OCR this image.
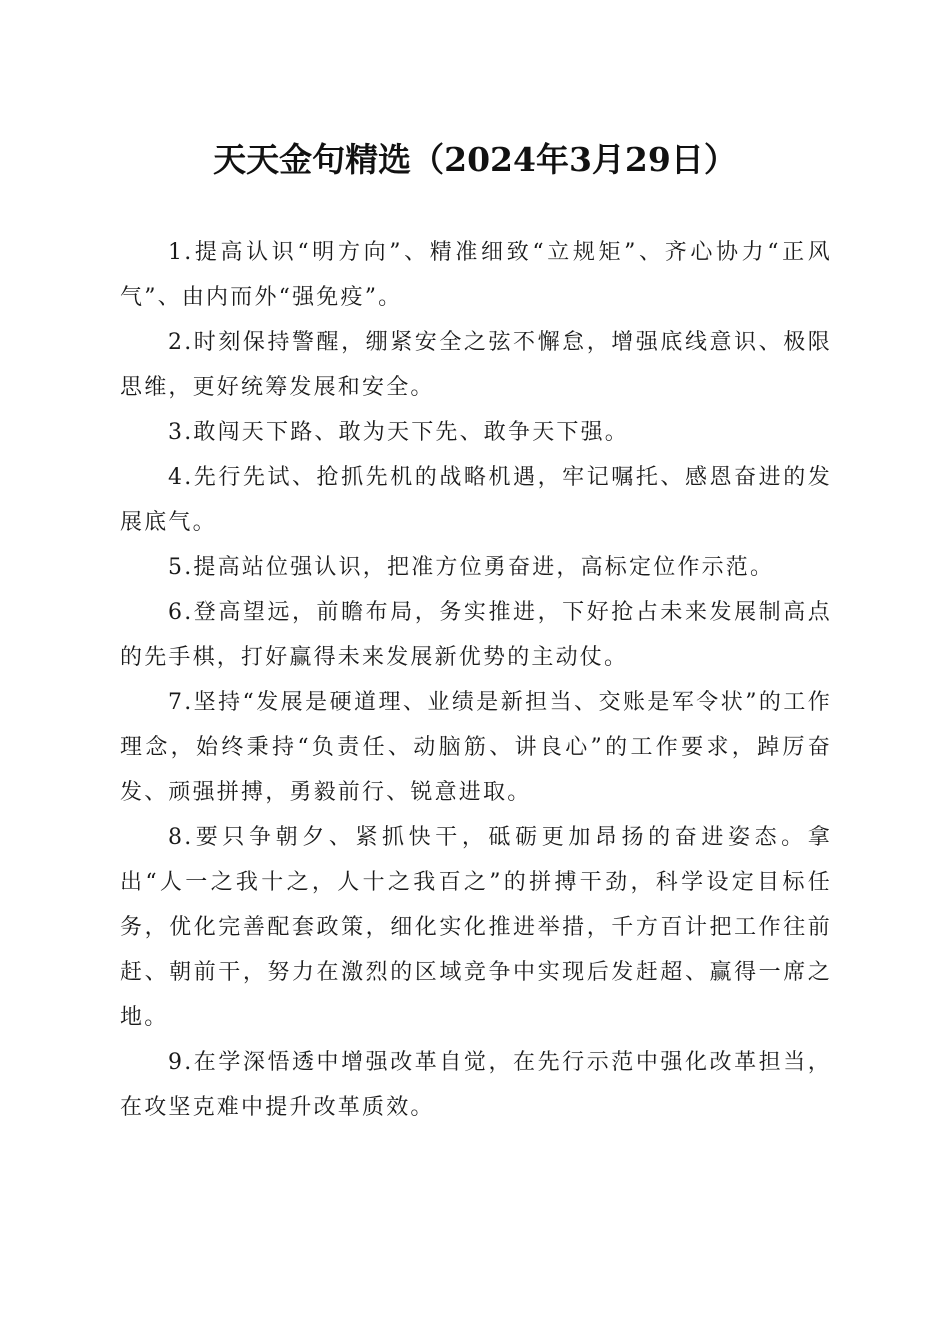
天天金句精选（2024年3月29日）

1.提高认识“明方向”、精准细致“立规矩”、齐心协力“正风气”、由内而外“强免疫”。

2.时刻保持警醒，绷紧安全之弦不懈怠，增强底线意识、极限思维，更好统筹发展和安全。

3.敢闯天下路、敢为天下先、敢争天下强。

4.先行先试、抢抓先机的战略机遇，牢记嘱托、感恩奋进的发展底气。

5.提高站位强认识，把准方位勇奋进，高标定位作示范。

6.登高望远，前瞻布局，务实推进，下好抢占未来发展制高点的先手棋，打好赢得未来发展新优势的主动仗。

7.坚持“发展是硬道理、业绩是新担当、交账是军令状”的工作理念，始终秉持“负责任、动脑筋、讲良心”的工作要求，踔厉奋发、顽强拼搏，勇毅前行、锐意进取。

8.要只争朝夕、紧抓快干，砥砺更加昂扬的奋进姿态。拿出“人一之我十之，人十之我百之”的拼搏干劲，科学设定目标任务，优化完善配套政策，细化实化推进举措，千方百计把工作往前赶、朝前干，努力在激烈的区域竞争中实现后发赶超、赢得一席之地。

9.在学深悟透中增强改革自觉，在先行示范中强化改革担当，在攻坚克难中提升改革质效。
